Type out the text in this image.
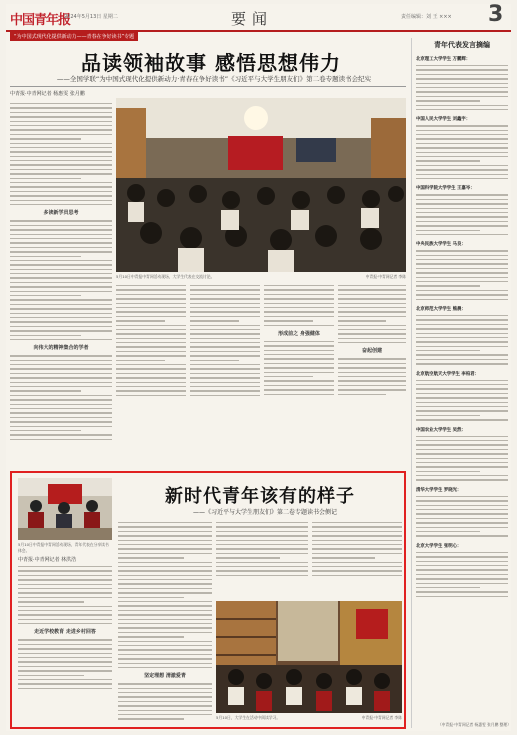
中国青年报
2024年5月13日 星期二	要闻	责任编辑：刘 王 ××× 3
“为中国式现代化提供新动力——青春在争好读书”专题
品读领袖故事 感悟思想伟力
——全国学联“为中国式现代化提供新动力·青春在争好读书”《习近平与大学生朋友们》第二卷专题读书会纪实
中青报·中青网记者 杨惠雯 张月鹏
多读新学员思考
向伟大的精神集合的学者
5月10日中青报中青网活动现场，大学生代表在交流讨论。	中青报·中青网记者 李陈
形成前之 身强健体
奋起创建
青年代表发言摘编
北京理工大学学生 万鹏辉：
中国人民大学学生 刘鑫宇：
中国科学院大学学生 王嘉岑：
中央民族大学学生 马良：
北京师范大学学生 熊晨：
北京航空航天大学学生 李柏君：
中国农业大学学生 吴然：
清华大学学生 罗晓光：
北京大学学生 张明心：
5月10日中青报中青网活动现场，青年代表在分享读书体会。
新时代青年该有的样子
——《习近平与大学生朋友们》第二卷专题读书会侧记
中青报·中青网记者 林洪浩
走近学校教育 走进乡村回答
坚定理想 清澈爱青
5月10日，大学生在活动中阅读学习。	中青报·中青网记者 李陈
（中青报·中青网记者 杨惠雯 张月鹏 整理）
